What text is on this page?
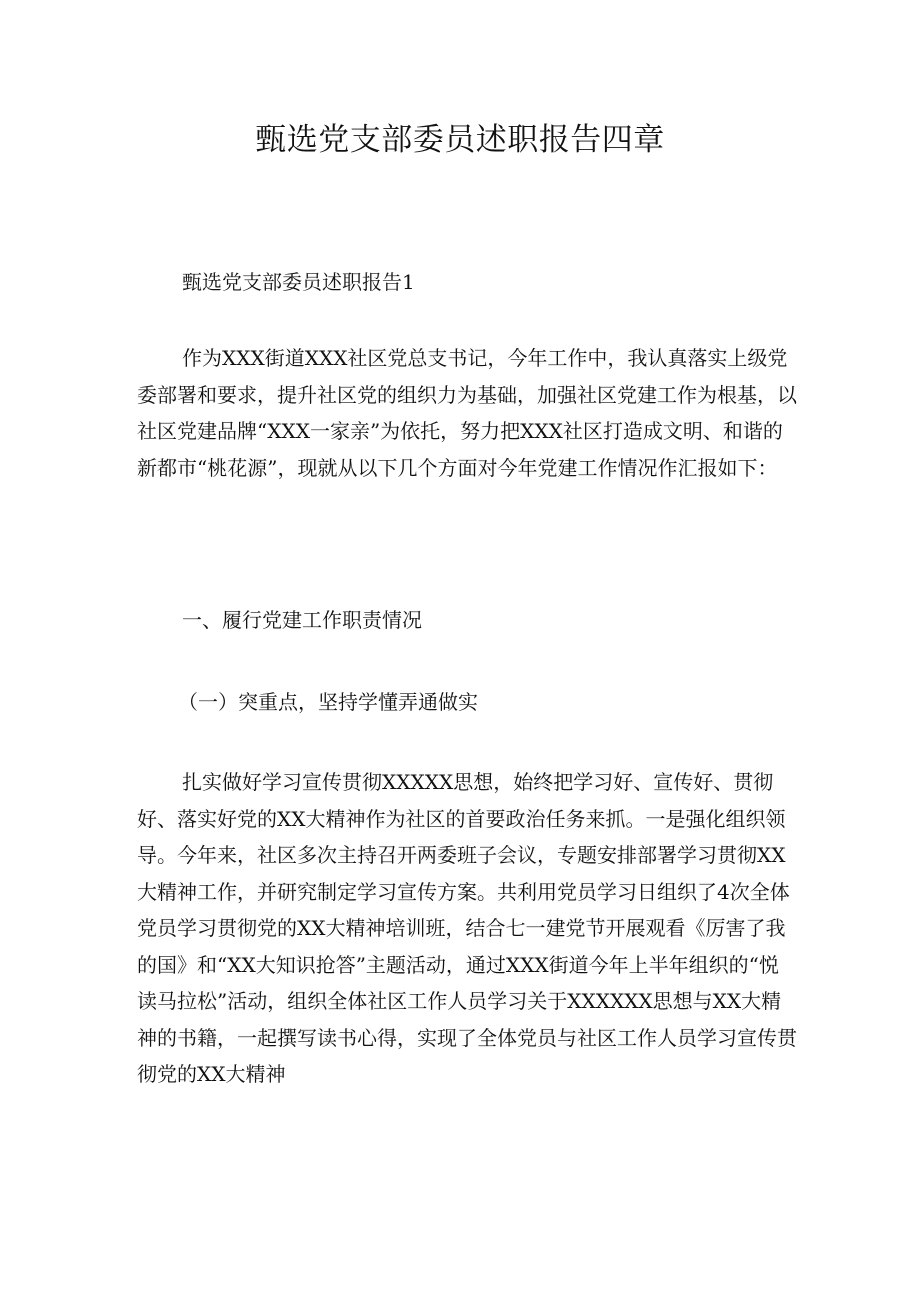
甄选党支部委员述职报告四章

甄选党支部委员述职报告1

作为XXX街道XXX社区党总支书记，今年工作中，我认真落实上级党委部署和要求，提升社区党的组织力为基础，加强社区党建工作为根基，以社区党建品牌“XXX一家亲”为依托，努力把XXX社区打造成文明、和谐的新都市“桃花源”，现就从以下几个方面对今年党建工作情况作汇报如下：

一、履行党建工作职责情况

（一）突重点，坚持学懂弄通做实

扎实做好学习宣传贯彻XXXXX思想，始终把学习好、宣传好、贯彻好、落实好党的XX大精神作为社区的首要政治任务来抓。一是强化组织领导。今年来，社区多次主持召开两委班子会议，专题安排部署学习贯彻XX大精神工作，并研究制定学习宣传方案。共利用党员学习日组织了4次全体党员学习贯彻党的XX大精神培训班，结合七一建党节开展观看《厉害了我的国》和“XX大知识抢答”主题活动，通过XXX街道今年上半年组织的“悦读马拉松”活动，组织全体社区工作人员学习关于XXXXXX思想与XX大精神的书籍，一起撰写读书心得，实现了全体党员与社区工作人员学习宣传贯彻党的XX大精神
